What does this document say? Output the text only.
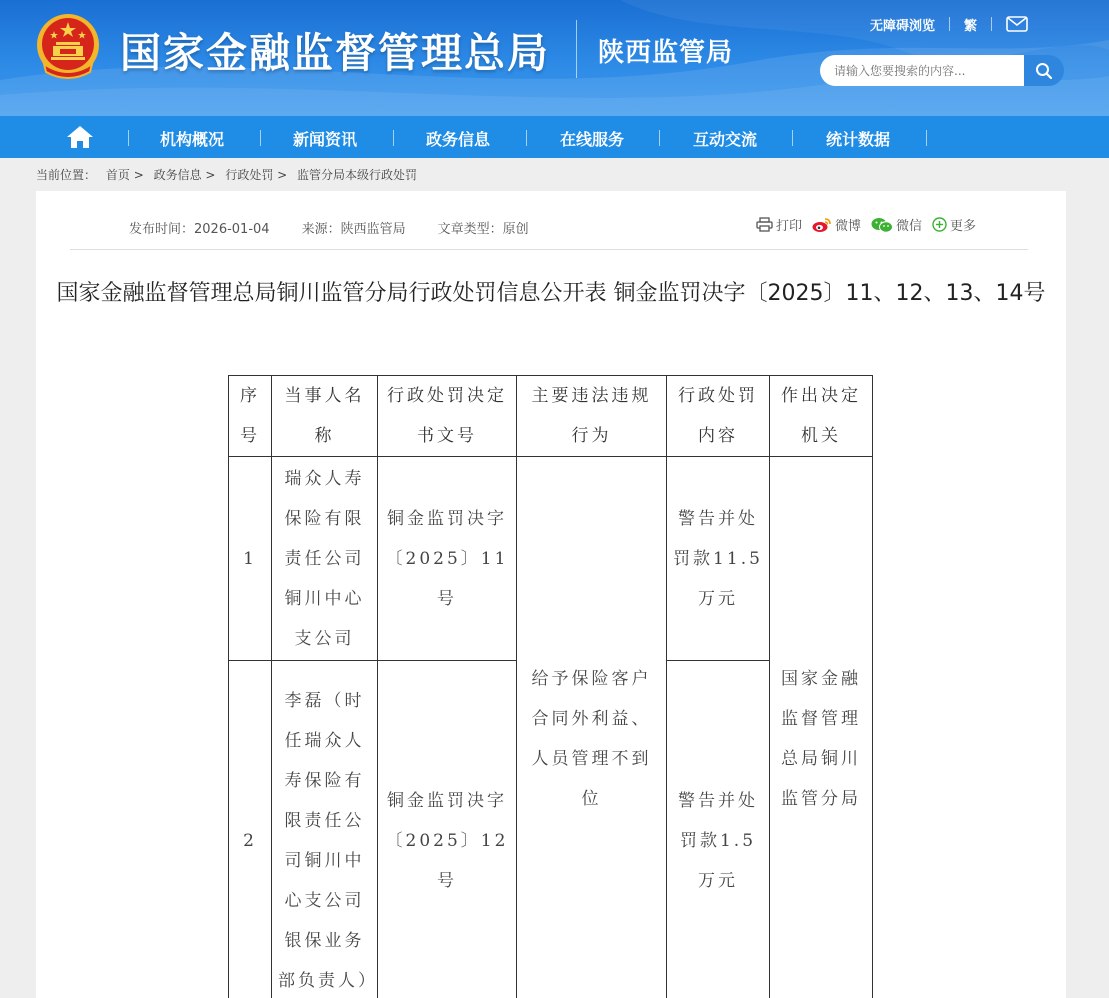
国家金融监督管理总局 陕西监管局
无障碍浏览 繁
请输入您要搜索的内容...
机构概况	新闻资讯	政务信息	在线服务	互动交流	统计数据
当前位置： 首页 > 政务信息 > 行政处罚 > 监管分局本级行政处罚
发布时间：2026-01-04 来源：陕西监管局 文章类型：原创	打印	微博	微信 更多
国家金融监督管理总局铜川监管分局行政处罚信息公开表 铜金监罚决字〔2025〕11、12、13、14号
序号	当事人名称	行政处罚决定书文号	主要违法违规行为	行政处罚内容	作出决定机关
1	瑞众人寿保险有限责任公司铜川中心支公司	铜金监罚决字〔2025〕11号	给予保险客户合同外利益、人员管理不到位	警告并处罚款11.5万元	国家金融监督管理总局铜川监管分局
2	李磊（时任瑞众人寿保险有限责任公司铜川中心支公司银保业务部负责人）	铜金监罚决字〔2025〕12号		警告并处罚款1.5万元	
